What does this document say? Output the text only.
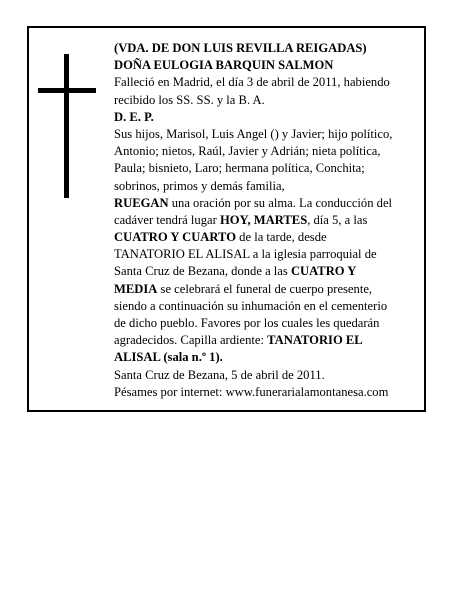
(VDA. DE DON LUIS REVILLA REIGADAS)
DOÑA EULOGIA BARQUIN SALMON
Falleció en Madrid, el día 3 de abril de 2011, habiendo
recibido los SS. SS. y la B. A.
D. E. P.
Sus hijos, Marisol, Luis Angel () y Javier; hijo político,
Antonio; nietos, Raúl, Javier y Adrián; nieta política,
Paula; bisnieto, Laro; hermana política, Conchita;
sobrinos, primos y demás familia,
RUEGAN una oración por su alma. La conducción del
cadáver tendrá lugar HOY, MARTES, día 5, a las
CUATRO Y CUARTO de la tarde, desde
TANATORIO EL ALISAL a la iglesia parroquial de
Santa Cruz de Bezana, donde a las CUATRO Y
MEDIA se celebrará el funeral de cuerpo presente,
siendo a continuación su inhumación en el cementerio
de dicho pueblo. Favores por los cuales les quedarán
agradecidos. Capilla ardiente: TANATORIO EL
ALISAL (sala n.º 1).
Santa Cruz de Bezana, 5 de abril de 2011.
Pésames por internet: www.funerarialamontanesa.com
